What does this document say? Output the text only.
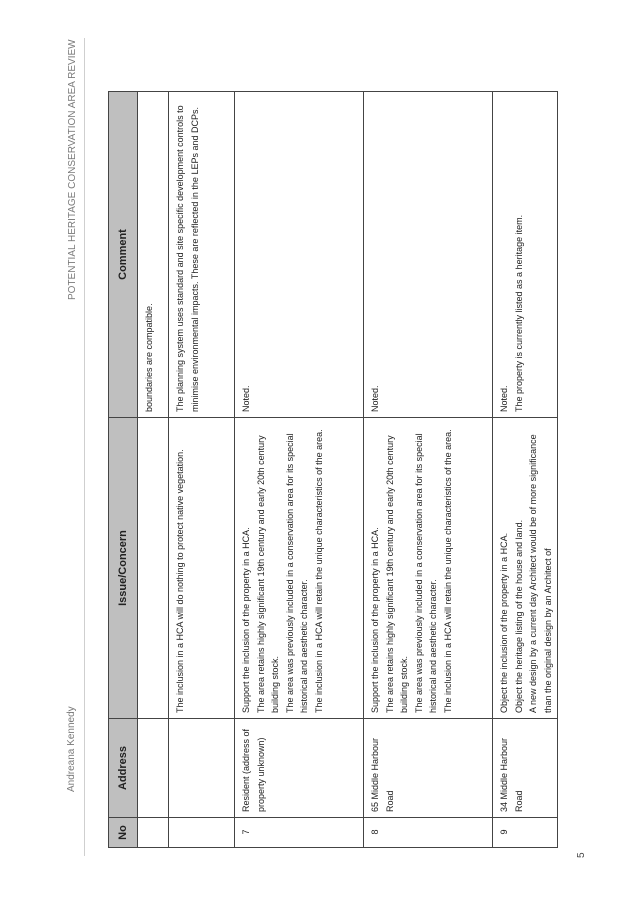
Andreana Kennedy
POTENTIAL HERITAGE CONSERVATION AREA REVIEW
No	Address	Issue/Concern	Comment

			boundaries are compatible.

		The inclusion in a HCA will do nothing to protect native vegetation.	The planning system uses standard and site specific development controls to minimise environmental impacts. These are reflected in the LEPs and DCPs.

7	Resident (address of property unknown)	Support the inclusion of the property in a HCA. The area retains highly significant 19th century and early 20th century building stock. The area was previously included in a conservation area for its special historical and aesthetic character. The inclusion in a HCA will retain the unique characteristics of the area.	Noted.

8	65 Middle Harbour Road	Support the inclusion of the property in a HCA. The area retains highly significant 19th century and early 20th century building stock. The area was previously included in a conservation area for its special historical and aesthetic character. The inclusion in a HCA will retain the unique characteristics of the area.	Noted.

9	34 Middle Harbour Road	Object the inclusion of the property in a HCA. Object the heritage listing of the house and land. A new design by a current day Architect would be of more significance than the original design by an Architect of	Noted. The property is currently listed as a heritage item.
5
